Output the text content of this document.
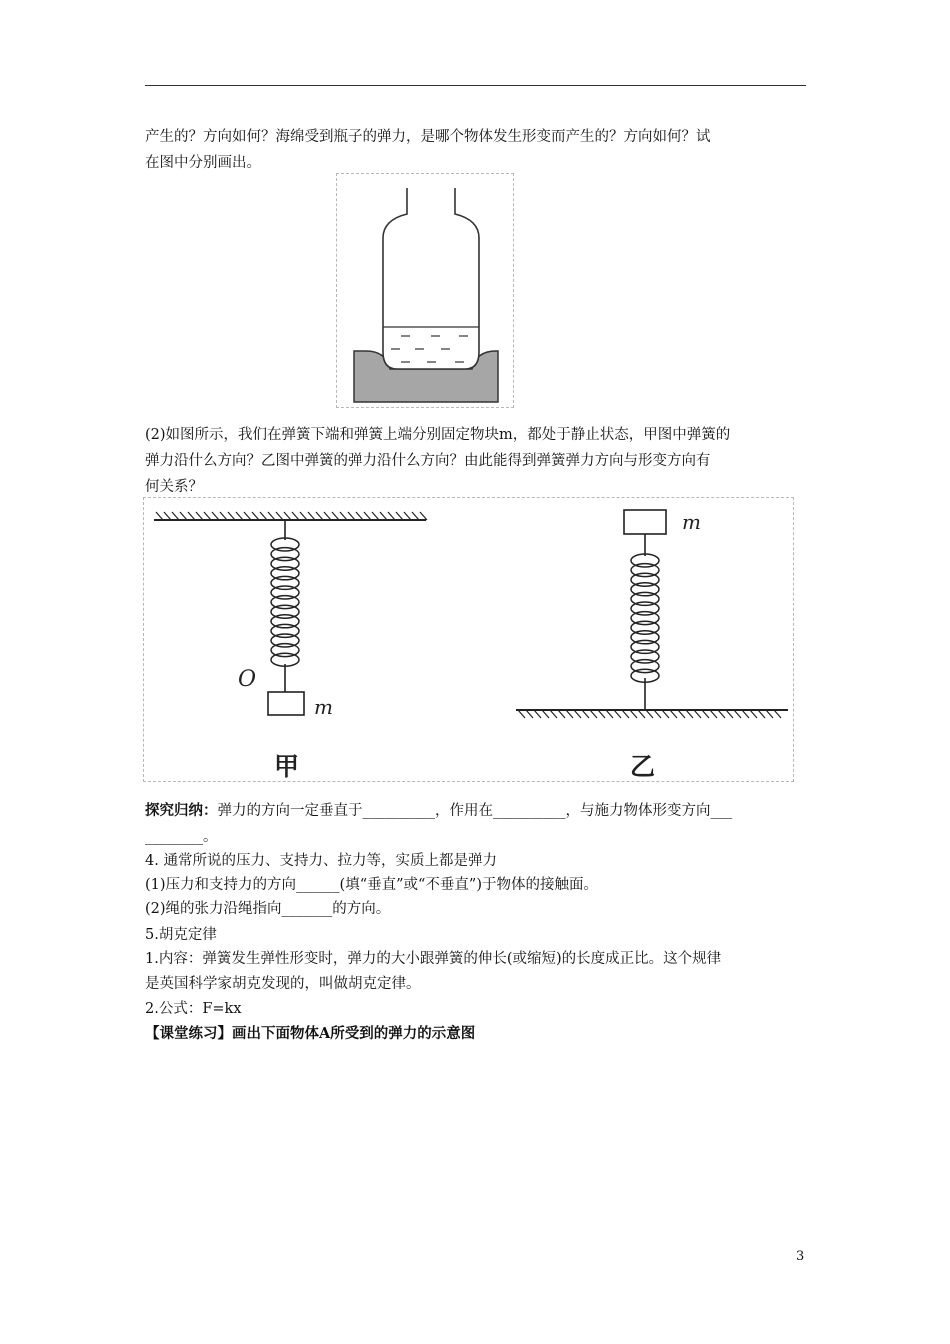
产生的？方向如何？海绵受到瓶子的弹力，是哪个物体发生形变而产生的？方向如何？试
在图中分别画出。
(2)如图所示，我们在弹簧下端和弹簧上端分别固定物块m，都处于静止状态，甲图中弹簧的
弹力沿什么方向？乙图中弹簧的弹力沿什么方向？由此能得到弹簧弹力方向与形变方向有
何关系？
O
m
甲
m
乙
探究归纳：弹力的方向一定垂直于__________，作用在__________，与施力物体形变方向___
________。
4. 通常所说的压力、支持力、拉力等，实质上都是弹力
(1)压力和支持力的方向______(填“垂直”或“不垂直”)于物体的接触面。
(2)绳的张力沿绳指向_______的方向。
5.胡克定律
1.内容：弹簧发生弹性形变时，弹力的大小跟弹簧的伸长(或缩短)的长度成正比。这个规律
是英国科学家胡克发现的，叫做胡克定律。
2.公式：F=kx
【课堂练习】画出下面物体A所受到的弹力的示意图
3
